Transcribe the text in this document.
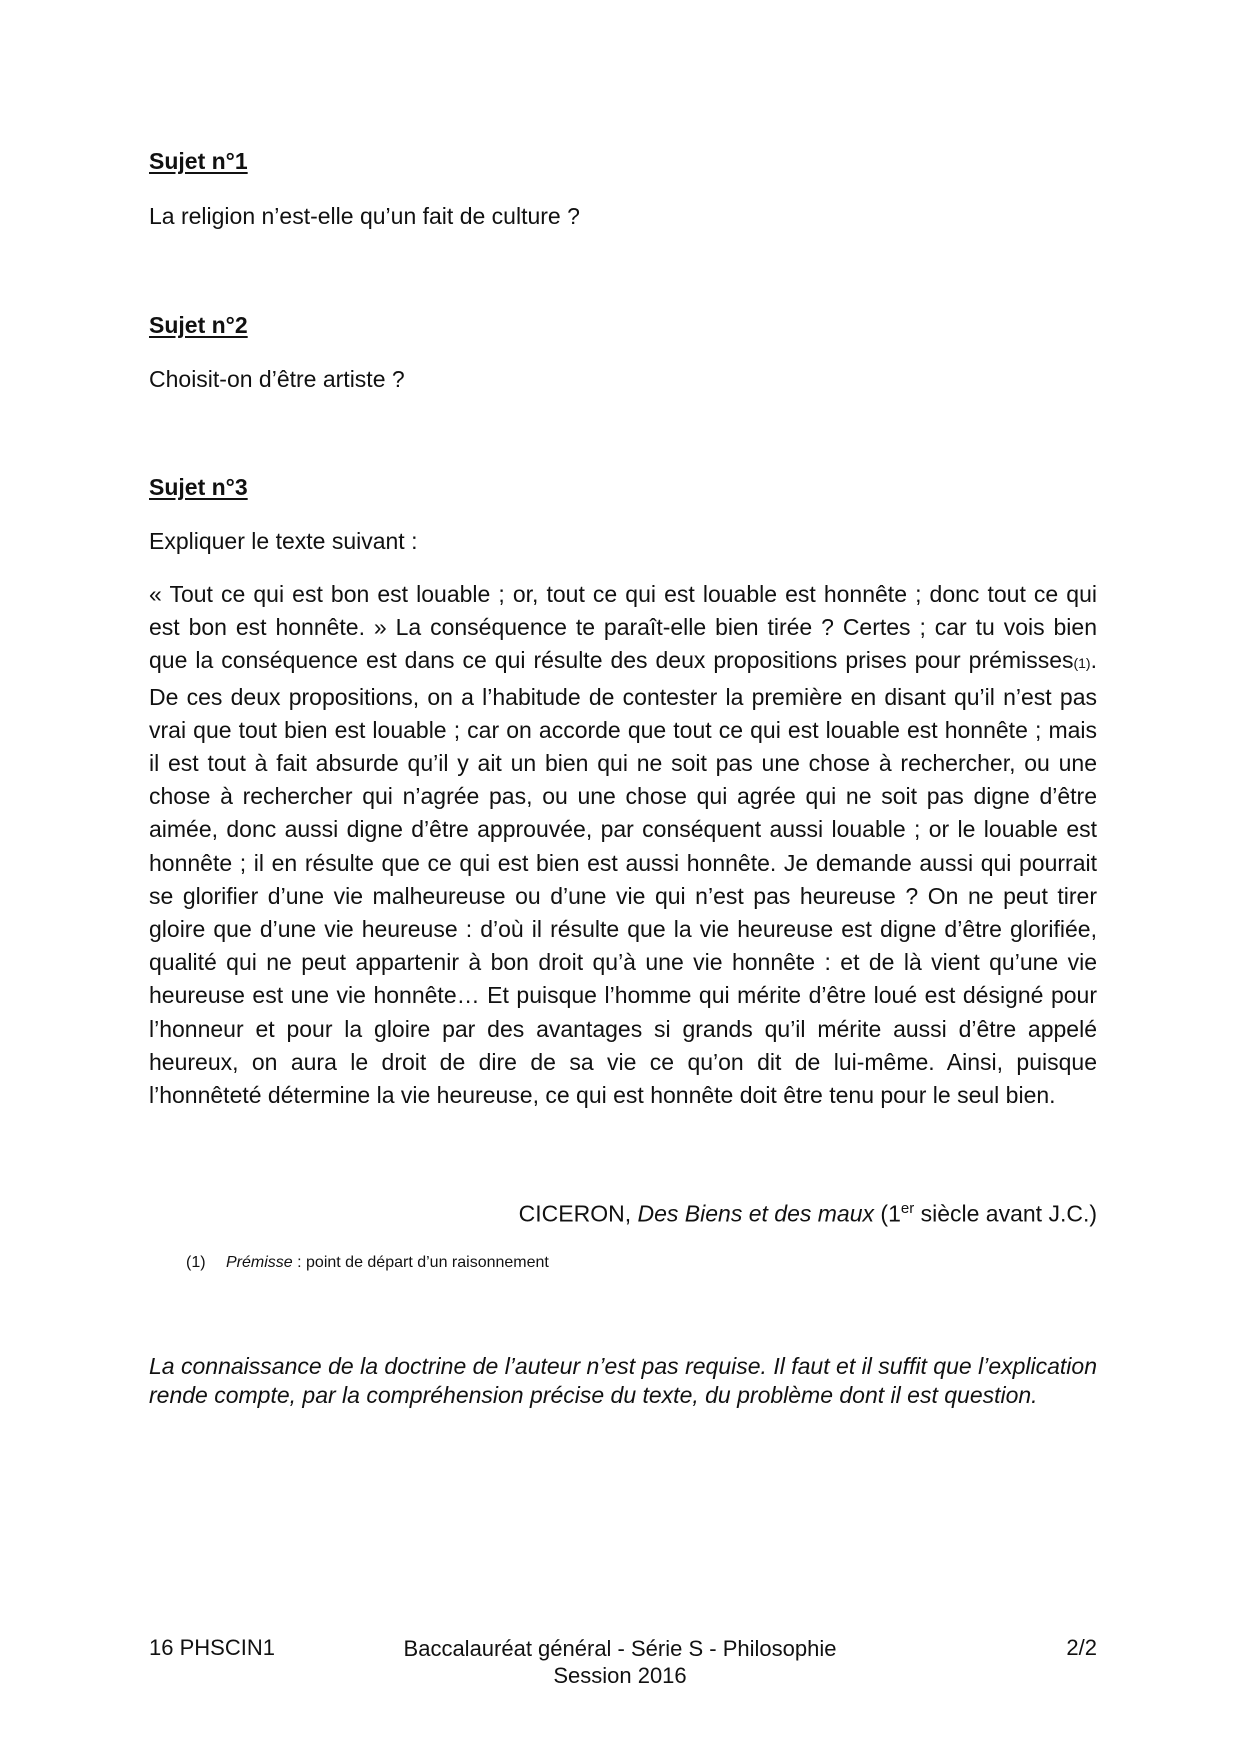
Sujet n°1
La religion n’est-elle qu’un fait de culture ?
Sujet n°2
Choisit-on d’être artiste ?
Sujet n°3
Expliquer le texte suivant :
« Tout ce qui est bon est louable ; or, tout ce qui est louable est honnête ; donc tout ce qui est bon est honnête. » La conséquence te paraît-elle bien tirée ? Certes ; car tu vois bien que la conséquence est dans ce qui résulte des deux propositions prises pour prémisses(1). De ces deux propositions, on a l’habitude de contester la première en disant qu’il n’est pas vrai que tout bien est louable ; car on accorde que tout ce qui est louable est honnête ; mais il est tout à fait absurde qu’il y ait un bien qui ne soit pas une chose à rechercher, ou une chose à rechercher qui n’agrée pas, ou une chose qui agrée qui ne soit pas digne d’être aimée, donc aussi digne d’être approuvée, par conséquent aussi louable ; or le louable est honnête ; il en résulte que ce qui est bien est aussi honnête. Je demande aussi qui pourrait se glorifier d’une vie malheureuse ou d’une vie qui n’est pas heureuse ? On ne peut tirer gloire que d’une vie heureuse : d’où il résulte que la vie heureuse est digne d’être glorifiée, qualité qui ne peut appartenir à bon droit qu’à une vie honnête : et de là vient qu’une vie heureuse est une vie honnête… Et puisque l’homme qui mérite d’être loué est désigné pour l’honneur et pour la gloire par des avantages si grands qu’il mérite aussi d’être appelé heureux, on aura le droit de dire de sa vie ce qu’on dit de lui-même. Ainsi, puisque l’honnêteté détermine la vie heureuse, ce qui est honnête doit être tenu pour le seul bien.
CICERON, Des Biens et des maux (1er siècle avant J.C.)
(1) Prémisse : point de départ d’un raisonnement
La connaissance de la doctrine de l’auteur n’est pas requise. Il faut et il suffit que l’explication rende compte, par la compréhension précise du texte, du problème dont il est question.
16 PHSCIN1	Baccalauréat général - Série S - Philosophie
Session 2016
2/2
